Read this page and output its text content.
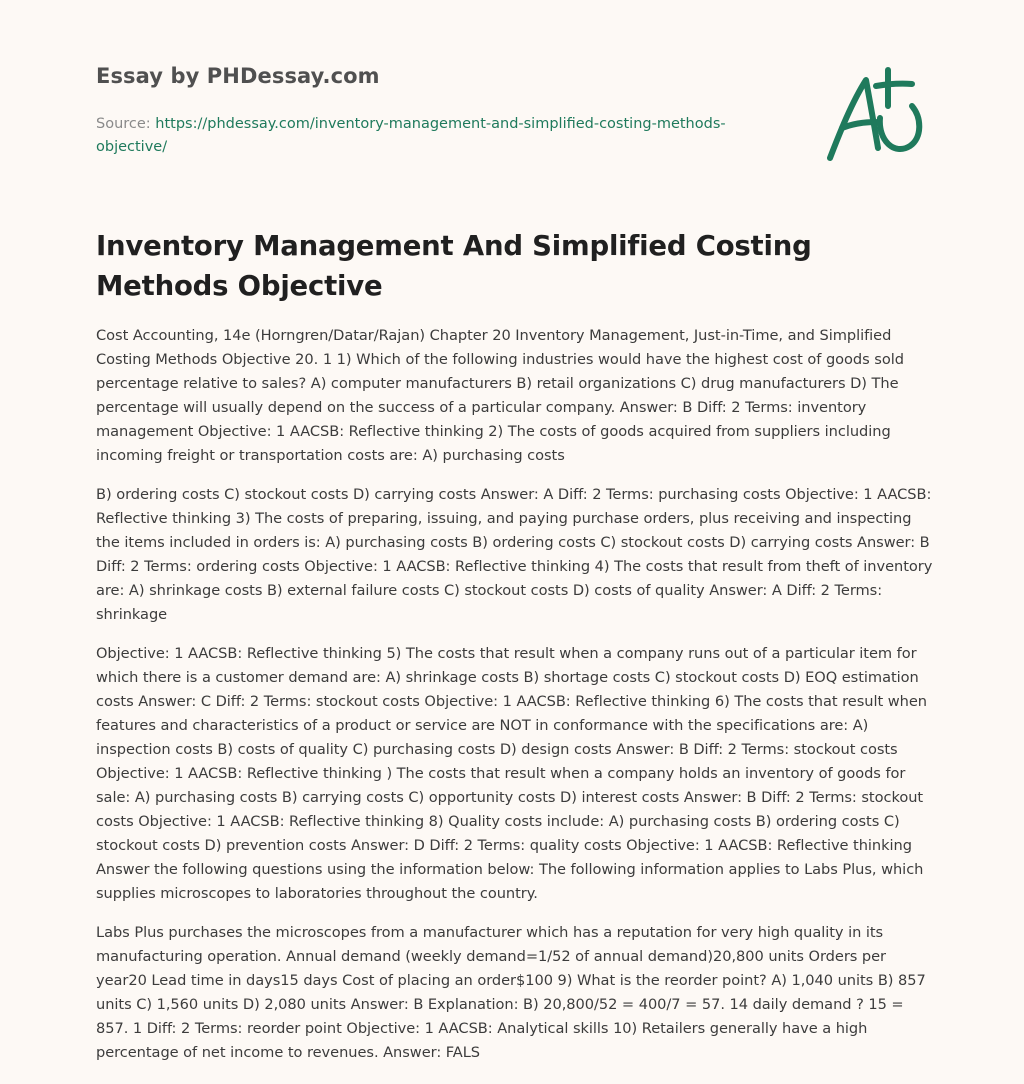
Essay by PHDessay.com
Source: https://phdessay.com/inventory-management-and-simplified-costing-methods-objective/
Inventory Management And Simplified Costing Methods Objective

Cost Accounting, 14e (Horngren/Datar/Rajan) Chapter 20 Inventory Management, Just-in-Time, and Simplified Costing Methods Objective 20. 1 1) Which of the following industries would have the highest cost of goods sold percentage relative to sales? A) computer manufacturers B) retail organizations C) drug manufacturers D) The percentage will usually depend on the success of a particular company. Answer: B Diff: 2 Terms: inventory management Objective: 1 AACSB: Reflective thinking 2) The costs of goods acquired from suppliers including incoming freight or transportation costs are: A) purchasing costs

B) ordering costs C) stockout costs D) carrying costs Answer: A Diff: 2 Terms: purchasing costs Objective: 1 AACSB: Reflective thinking 3) The costs of preparing, issuing, and paying purchase orders, plus receiving and inspecting the items included in orders is: A) purchasing costs B) ordering costs C) stockout costs D) carrying costs Answer: B Diff: 2 Terms: ordering costs Objective: 1 AACSB: Reflective thinking 4) The costs that result from theft of inventory are: A) shrinkage costs B) external failure costs C) stockout costs D) costs of quality Answer: A Diff: 2 Terms: shrinkage

Objective: 1 AACSB: Reflective thinking 5) The costs that result when a company runs out of a particular item for which there is a customer demand are: A) shrinkage costs B) shortage costs C) stockout costs D) EOQ estimation costs Answer: C Diff: 2 Terms: stockout costs Objective: 1 AACSB: Reflective thinking 6) The costs that result when features and characteristics of a product or service are NOT in conformance with the specifications are: A) inspection costs B) costs of quality C) purchasing costs D) design costs Answer: B Diff: 2 Terms: stockout costs Objective: 1 AACSB: Reflective thinking ) The costs that result when a company holds an inventory of goods for sale: A) purchasing costs B) carrying costs C) opportunity costs D) interest costs Answer: B Diff: 2 Terms: stockout costs Objective: 1 AACSB: Reflective thinking 8) Quality costs include: A) purchasing costs B) ordering costs C) stockout costs D) prevention costs Answer: D Diff: 2 Terms: quality costs Objective: 1 AACSB: Reflective thinking Answer the following questions using the information below: The following information applies to Labs Plus, which supplies microscopes to laboratories throughout the country.

Labs Plus purchases the microscopes from a manufacturer which has a reputation for very high quality in its manufacturing operation. Annual demand (weekly demand=1/52 of annual demand)20,800 units Orders per year20 Lead time in days15 days Cost of placing an order$100 9) What is the reorder point? A) 1,040 units B) 857 units C) 1,560 units D) 2,080 units Answer: B Explanation: B) 20,800/52 = 400/7 = 57. 14 daily demand ? 15 = 857. 1 Diff: 2 Terms: reorder point Objective: 1 AACSB: Analytical skills 10) Retailers generally have a high percentage of net income to revenues. Answer: FALS
